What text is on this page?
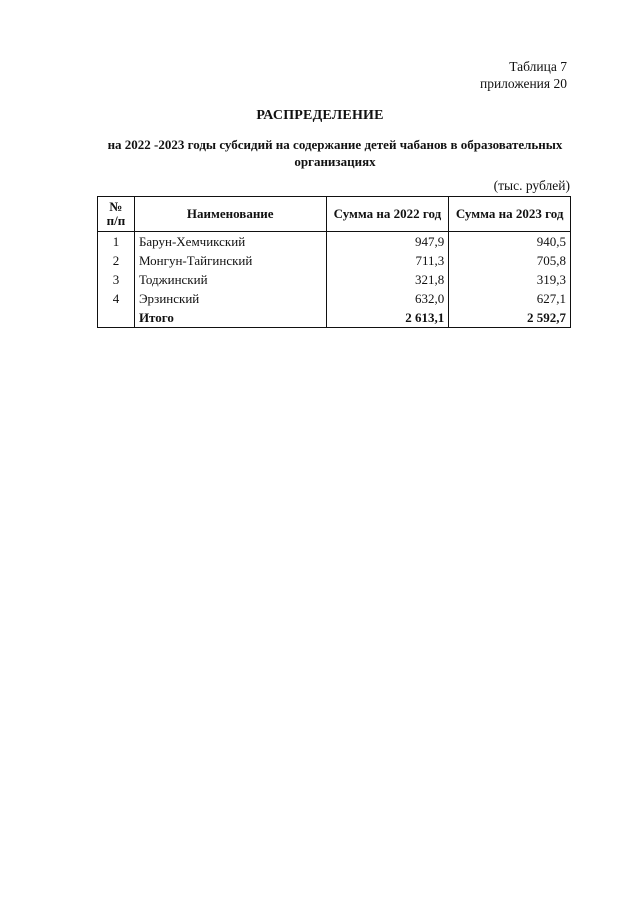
Таблица 7
приложения 20
РАСПРЕДЕЛЕНИЕ
на 2022 -2023 годы субсидий на содержание детей чабанов в образовательных
организациях
(тыс. рублей)
№
п/п	Наименование	Сумма на 2022 год	Сумма на 2023 год
1	Барун-Хемчикский	947,9	940,5
2	Монгун-Тайгинский	711,3	705,8
3	Тоджинский	321,8	319,3
4	Эрзинский	632,0	627,1
	Итого	2 613,1	2 592,7
